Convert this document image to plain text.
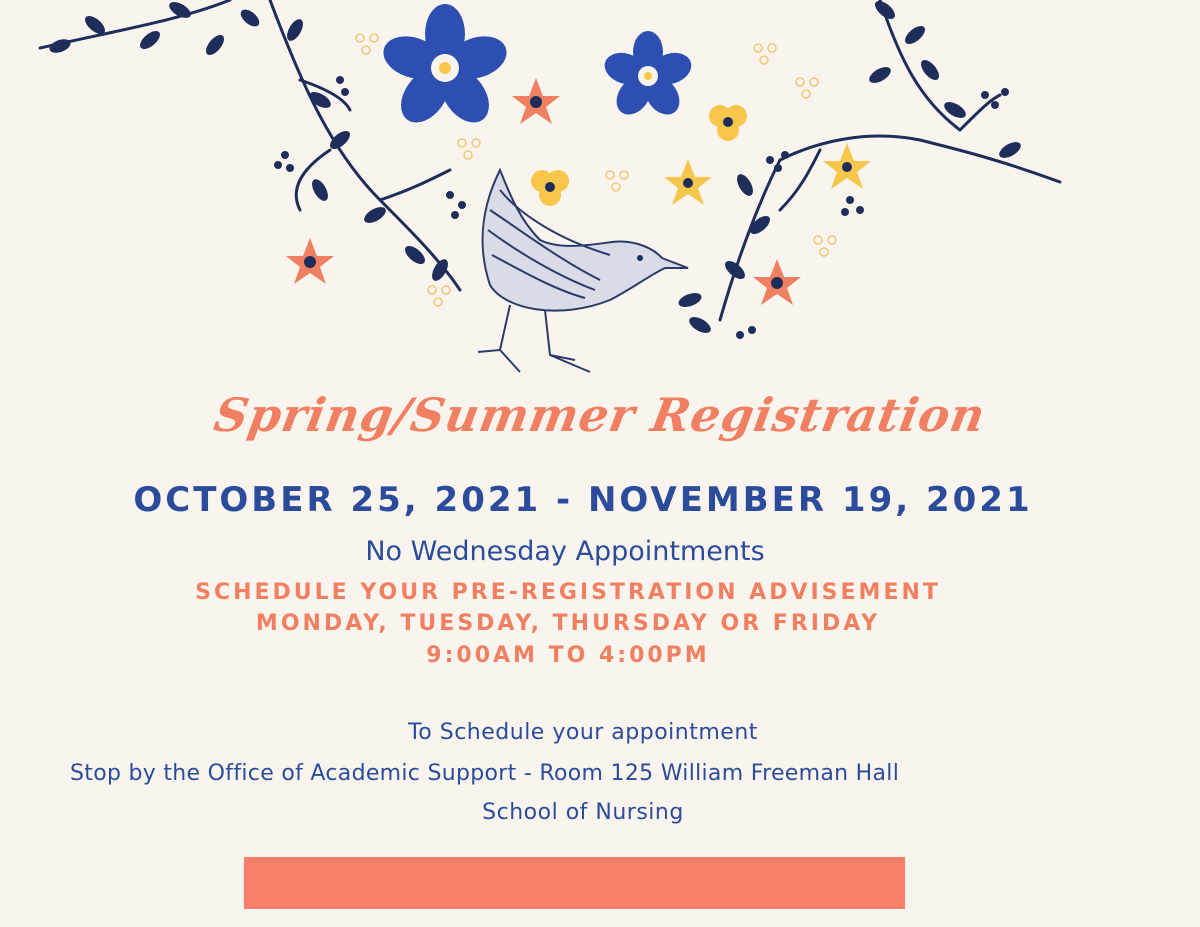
Spring/Summer Registration
OCTOBER 25, 2021 - NOVEMBER 19, 2021
No Wednesday Appointments
SCHEDULE YOUR PRE-REGISTRATION ADVISEMENT
MONDAY, TUESDAY, THURSDAY OR FRIDAY
9:00AM TO 4:00PM
To Schedule your appointment
Stop by the Office of Academic Support - Room 125 William Freeman Hall
School of Nursing
